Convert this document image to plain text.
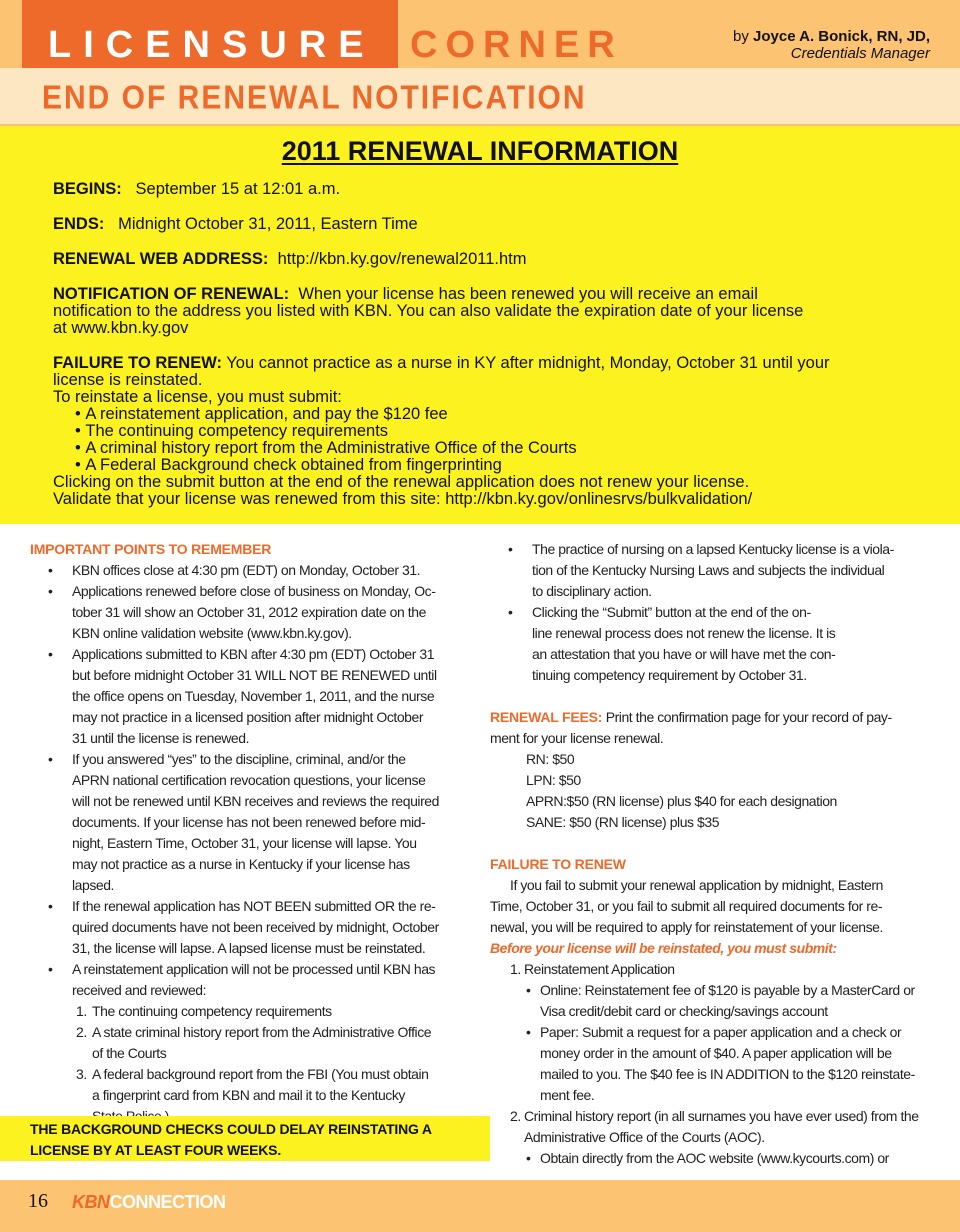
LICENSURE CORNER	by Joyce A. Bonick, RN, JD,
Credentials Manager
END OF RENEWAL NOTIFICATION
2011 RENEWAL INFORMATION
BEGINS: September 15 at 12:01 a.m.
ENDS: Midnight October 31, 2011, Eastern Time
RENEWAL WEB ADDRESS: http://kbn.ky.gov/renewal2011.htm
NOTIFICATION OF RENEWAL: When your license has been renewed you will receive an email
notification to the address you listed with KBN. You can also validate the expiration date of your license
at www.kbn.ky.gov
FAILURE TO RENEW: You cannot practice as a nurse in KY after midnight, Monday, October 31 until your
license is reinstated.
To reinstate a license, you must submit:
• A reinstatement application, and pay the $120 fee
• The continuing competency requirements
• A criminal history report from the Administrative Office of the Courts
• A Federal Background check obtained from fingerprinting
Clicking on the submit button at the end of the renewal application does not renew your license.
Validate that your license was renewed from this site: http://kbn.ky.gov/onlinesrvs/bulkvalidation/
IMPORTANT POINTS TO REMEMBER
• KBN offices close at 4:30 pm (EDT) on Monday, October 31.
• Applications renewed before close of business on Monday, Oc-
tober 31 will show an October 31, 2012 expiration date on the
KBN online validation website (www.kbn.ky.gov).
• Applications submitted to KBN after 4:30 pm (EDT) October 31
but before midnight October 31 WILL NOT BE RENEWED until
the office opens on Tuesday, November 1, 2011, and the nurse
may not practice in a licensed position after midnight October
31 until the license is renewed.
• If you answered “yes” to the discipline, criminal, and/or the
APRN national certification revocation questions, your license
will not be renewed until KBN receives and reviews the required
documents. If your license has not been renewed before mid-
night, Eastern Time, October 31, your license will lapse. You
may not practice as a nurse in Kentucky if your license has
lapsed.
• If the renewal application has NOT BEEN submitted OR the re-
quired documents have not been received by midnight, October
31, the license will lapse. A lapsed license must be reinstated.
• A reinstatement application will not be processed until KBN has
received and reviewed:
1. The continuing competency requirements
2. A state criminal history report from the Administrative Office
of the Courts
3. A federal background report from the FBI (You must obtain
a fingerprint card from KBN and mail it to the Kentucky
THE BACKGROUND CHECKS COULD DELAY REINSTATING A
LICENSE BY AT LEAST FOUR WEEKS.
• The practice of nursing on a lapsed Kentucky license is a viola-
tion of the Kentucky Nursing Laws and subjects the individual
to disciplinary action.
• Clicking the “Submit” button at the end of the on-
line renewal process does not renew the license. It is
an attestation that you have or will have met the con-
tinuing competency requirement by October 31.
RENEWAL FEES: Print the confirmation page for your record of pay-
ment for your license renewal.
RN: $50
LPN: $50
APRN:$50 (RN license) plus $40 for each designation
SANE: $50 (RN license) plus $35
FAILURE TO RENEW
If you fail to submit your renewal application by midnight, Eastern
Time, October 31, or you fail to submit all required documents for re-
newal, you will be required to apply for reinstatement of your license.
Before your license will be reinstated, you must submit:
1. Reinstatement Application
• Online: Reinstatement fee of $120 is payable by a MasterCard or
Visa credit/debit card or checking/savings account
• Paper: Submit a request for a paper application and a check or
money order in the amount of $40. A paper application will be
mailed to you. The $40 fee is IN ADDITION to the $120 reinstate-
ment fee.
2. Criminal history report (in all surnames you have ever used) from the
Administrative Office of the Courts (AOC).
• Obtain directly from the AOC website (www.kycourts.com) or
16 KBNCONNECTION
